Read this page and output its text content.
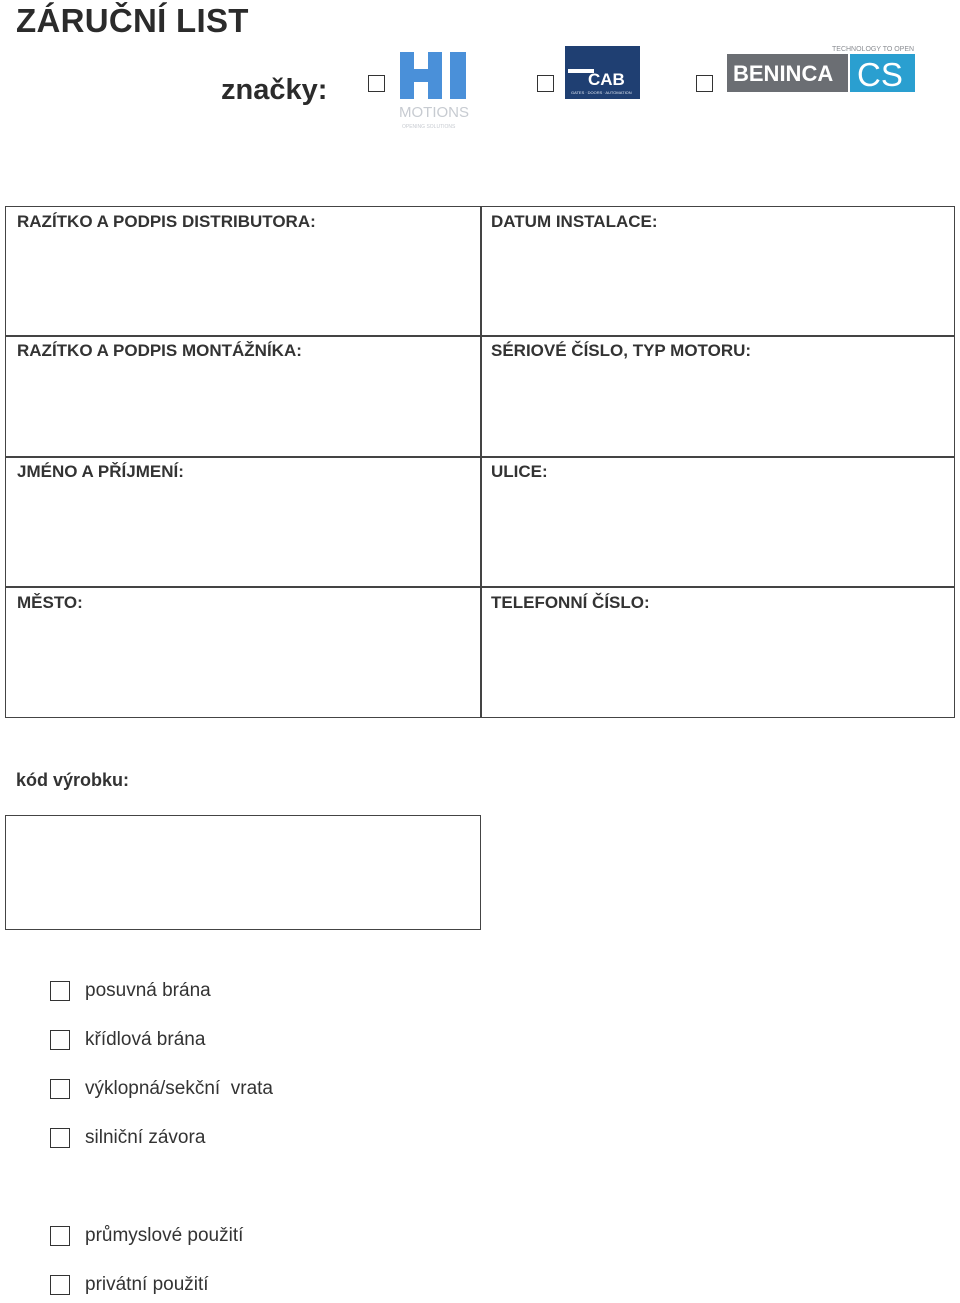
ZÁRUČNÍ LIST
značky:
MOTIONS
OPENING SOLUTIONS
CAB
GATES ∙ DOORS ∙ AUTOMATION
TECHNOLOGY TO OPEN
BENINCA CS
RAZÍTKO A PODPIS DISTRIBUTORA:	DATUM INSTALACE:
RAZÍTKO A PODPIS MONTÁŽNÍKA:	SÉRIOVÉ ČÍSLO, TYP MOTORU:
JMÉNO A PŘÍJMENÍ:	ULICE:
MĚSTO:	TELEFONNÍ ČÍSLO:
kód výrobku:
posuvná brána
křídlová brána
výklopná/sekční  vrata
silniční závora
průmyslové použití
privátní použití
